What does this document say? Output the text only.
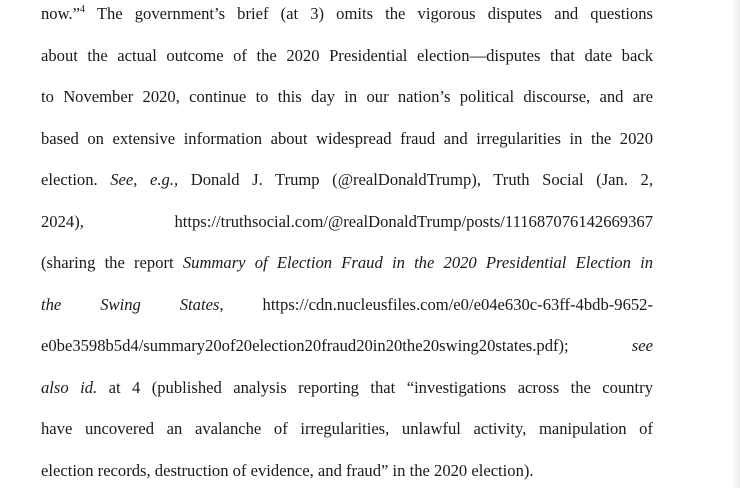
now.”$^4$ The government’s brief (at 3) omits the vigorous disputes and questions
about the actual outcome of the 2020 Presidential election—disputes that date back
to November 2020, continue to this day in our nation’s political discourse, and are
based on extensive information about widespread fraud and irregularities in the 2020
election. See, e.g., Donald J. Trump (@realDonaldTrump), Truth Social (Jan. 2,
2024), https://truthsocial.com/@realDonaldTrump/posts/111687076142669367
(sharing the report Summary of Election Fraud in the 2020 Presidential Election in
the Swing States, https://cdn.nucleusfiles.com/e0/e04e630c-63ff-4bdb-9652-
e0be3598b5d4/summary20of20election20fraud20in20the20swing20states.pdf); see
also id. at 4 (published analysis reporting that “investigations across the country
have uncovered an avalanche of irregularities, unlawful activity, manipulation of
election records, destruction of evidence, and fraud” in the 2020 election).
